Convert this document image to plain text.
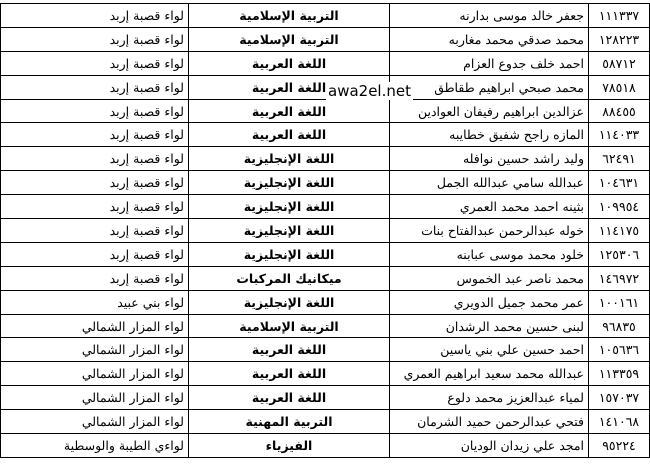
١١١٣٣٧	جعفر خالد موسى بدارنه	التربية الإسلامية	لواء قصبة إربد
١٢٨٢٢٣	محمد صدقي محمد مغاربه	التربية الإسلامية	لواء قصبة إربد
٥٨٧١٢	احمد خلف جدوع العزام	اللغة العربية	لواء قصبة إربد
٧٨٥١٨	محمد صبحي ابراهيم طقاطق	اللغة العربية	لواء قصبة إربد
٨٨٤٥٥	عزالدين ابراهيم رفيفان العوادين	اللغة العربية	لواء قصبة إربد
١١٤٠٣٣	المازه راجح شفيق خطايبه	اللغة العربية	لواء قصبة إربد
٦٢٤٩١	وليد راشد حسين نوافله	اللغة الإنجليزية	لواء قصبة إربد
١٠٤٦٣١	عبدالله سامي عبدالله الجمل	اللغة الإنجليزية	لواء قصبة إربد
١٠٩٩٥٤	بثينه احمد محمد العمري	اللغة الإنجليزية	لواء قصبة إربد
١١٤١٧٥	خوله عبدالرحمن عبدالفتاح بنات	اللغة الإنجليزية	لواء قصبة إربد
١٢٥٣٠٦	خلود محمد موسى عبابنه	اللغة الإنجليزية	لواء قصبة إربد
١٤٦٩٧٢	محمد ناصر عبد الخموس	ميكانيك المركبات	لواء قصبة إربد
١٠٠١٦١	عمر محمد جميل الدويري	اللغة الإنجليزية	لواء بني عبيد
٩٦٨٣٥	لبنى حسين محمد الرشدان	التربية الإسلامية	لواء المزار الشمالي
١٠٥٦٣٦	احمد حسين علي بني ياسين	اللغة العربية	لواء المزار الشمالي
١١٣٣٥٩	عبدالله محمد سعيد ابراهيم العمري	اللغة العربية	لواء المزار الشمالي
١٥٧٠٣٧	لمياء عبدالعزيز محمد دلوع	اللغة العربية	لواء المزار الشمالي
١٤١٠٦٨	فتحي عبدالرحمن حميد الشرمان	التربية المهنية	لواء المزار الشمالي
٩٥٢٢٤	امجد علي زيدان الوديان	الفيزياء	لواءي الطيبة والوسطية
awa2el.net
